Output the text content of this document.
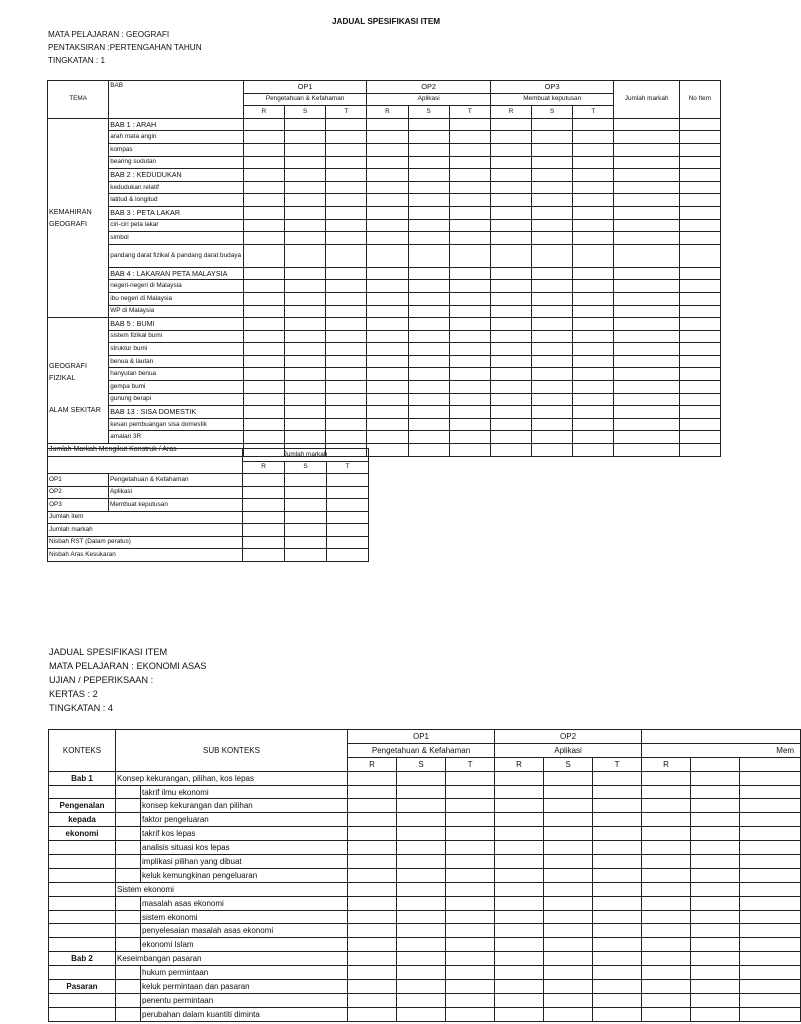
JADUAL SPESIFIKASI ITEM
MATA PELAJARAN : GEOGRAFI
PENTAKSIRAN :PERTENGAHAN TAHUN
TINGKATAN : 1
TEMA	BAB	OP1			OP2			OP3			Jumlah markah	No Item
		Pengetahuan & Kefahaman			Aplikasi			Membuat keputusan				
		R	S	T	R	S	T	R	S	T		

KEMAHIRAN GEOGRAFI	BAB 1 : ARAH											
	arah mata angin											
	kompas											
	bearing sudutan											
	BAB 2 : KEDUDUKAN											
	kedudukan relatif											
	latitud & longitud											
	BAB 3 : PETA LAKAR											
	ciri-ciri peta lakar											
	simbol											
	pandang darat fizikal & pandang darat budaya											
	BAB 4 : LAKARAN PETA MALAYSIA											
	negeri-negeri di Malaysia											
	ibu negeri di Malaysia											
	WP di Malaysia											

GEOGRAFI FIZIKAL
ALAM SEKITAR	BAB 5 : BUMI											
	sistem fizikal bumi											
	struktur bumi											
	benua & lautan											
	hanyutan benua											
	gempa bumi											
	gunung berapi											
	BAB 13 : SISA DOMESTIK											
	kesan pembuangan sisa domestik											
	amalan 3R											
Jumlah Markah Mengikut Konstruk / Aras												
		Jumlah markah		
		R	S	T
OP1	Pengetahuan & Kefahaman			
OP2	Aplikasi			
OP3	Membuat keputusan			
Jumlah item				
Jumlah markah				
Nisbah RST (Dalam peratus)				
Nisbah Aras Kesukaran				
JADUAL SPESIFIKASI ITEM
MATA PELAJARAN : EKONOMI ASAS
UJIAN / PEPERIKSAAN :
KERTAS : 2
TINGKATAN : 4
KONTEKS	SUB KONTEKS		OP1			OP2					
			Pengetahuan & Kefahaman			Aplikasi			Mem		
			R	S	T	R	S	T	R		
Bab 1	Konsep kekurangan, pilihan, kos lepas										
		takrif ilmu ekonomi									
Pengenalan		konsep kekurangan dan pilihan									
kepada		faktor pengeluaran									
ekonomi		takrif kos lepas									
		analisis situasi kos lepas									
		implikasi pilihan yang dibuat									
		keluk kemungkinan pengeluaran									
	Sistem ekonomi										
		masalah asas ekonomi									
		sistem ekonomi									
		penyelesaian masalah asas ekonomi									
		ekonomi Islam									
Bab 2	Keseimbangan pasaran										
		hukum permintaan									
Pasaran		keluk permintaan dan pasaran									
		penentu permintaan									
		perubahan dalam kuantiti diminta									
